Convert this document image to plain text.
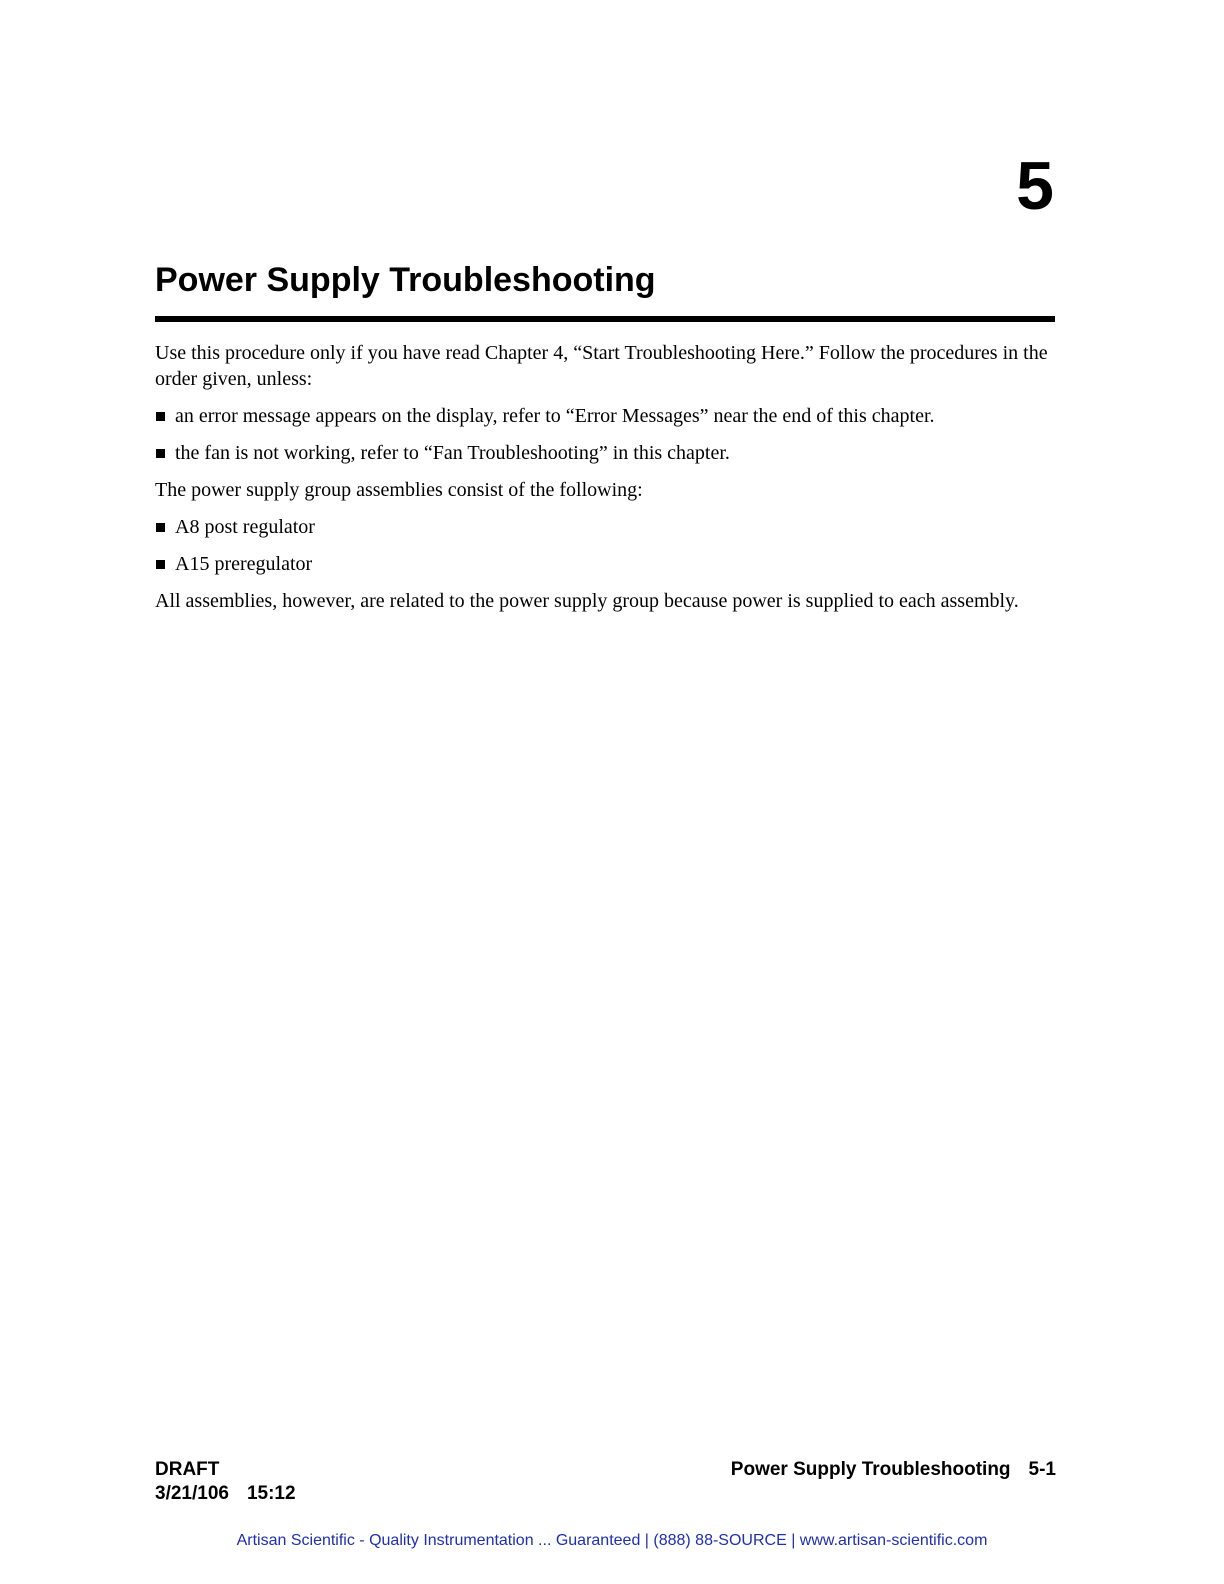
5
Power Supply Troubleshooting

Use this procedure only if you have read Chapter 4, “Start Troubleshooting Here.” Follow the procedures in the order given, unless:

an error message appears on the display, refer to “Error Messages” near the end of this chapter.
the fan is not working, refer to “Fan Troubleshooting” in this chapter.

The power supply group assemblies consist of the following:

A8 post regulator
A15 preregulator

All assemblies, however, are related to the power supply group because power is supplied to each assembly.

DRAFT
3/21/106 15:12
Power Supply Troubleshooting 5-1
Artisan Scientific - Quality Instrumentation ... Guaranteed | (888) 88-SOURCE | www.artisan-scientific.com
